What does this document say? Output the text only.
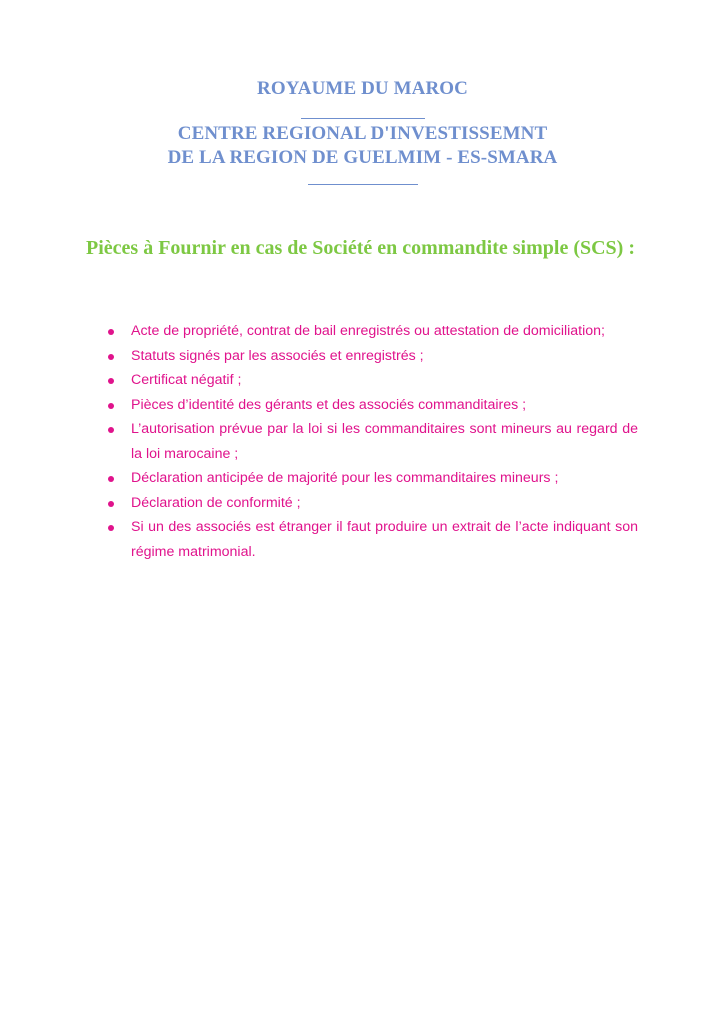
ROYAUME DU MAROC
CENTRE REGIONAL D'INVESTISSEMNT
DE LA REGION DE GUELMIM - ES-SMARA
Pièces à Fournir en cas de Société en commandite simple (SCS) :
Acte de propriété, contrat de bail enregistrés ou attestation de domiciliation;
Statuts signés par les associés et enregistrés ;
Certificat négatif ;
Pièces d’identité des gérants et des associés commanditaires ;
L’autorisation prévue par la loi si les commanditaires sont mineurs au regard de la loi marocaine ;
Déclaration anticipée de majorité pour les commanditaires mineurs ;
Déclaration de conformité ;
Si un des associés est étranger il faut produire un extrait de l’acte indiquant son régime matrimonial.
